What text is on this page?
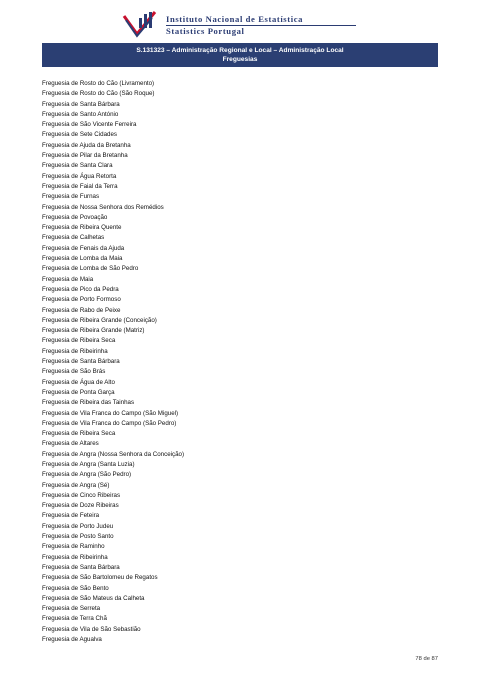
Instituto Nacional de Estatística
Statistics Portugal
S.131323 – Administração Regional e Local – Administração Local
Freguesias
Freguesia de Rosto do Cão (Livramento)
Freguesia de Rosto do Cão (São Roque)
Freguesia de Santa Bárbara
Freguesia de Santo António
Freguesia de São Vicente Ferreira
Freguesia de Sete Cidades
Freguesia de Ajuda da Bretanha
Freguesia de Pilar da Bretanha
Freguesia de Santa Clara
Freguesia de Água Retorta
Freguesia de Faial da Terra
Freguesia de Furnas
Freguesia de Nossa Senhora dos Remédios
Freguesia de Povoação
Freguesia de Ribeira Quente
Freguesia de Calhetas
Freguesia de Fenais da Ajuda
Freguesia de Lomba da Maia
Freguesia de Lomba de São Pedro
Freguesia de Maia
Freguesia de Pico da Pedra
Freguesia de Porto Formoso
Freguesia de Rabo de Peixe
Freguesia de Ribeira Grande (Conceição)
Freguesia de Ribeira Grande (Matriz)
Freguesia de Ribeira Seca
Freguesia de Ribeirinha
Freguesia de Santa Bárbara
Freguesia de São Brás
Freguesia de Água de Alto
Freguesia de Ponta Garça
Freguesia de Ribeira das Tainhas
Freguesia de Vila Franca do Campo (São Miguel)
Freguesia de Vila Franca do Campo (São Pedro)
Freguesia de Ribeira Seca
Freguesia de Altares
Freguesia de Angra (Nossa Senhora da Conceição)
Freguesia de Angra (Santa Luzia)
Freguesia de Angra (São Pedro)
Freguesia de Angra (Sé)
Freguesia de Cinco Ribeiras
Freguesia de Doze Ribeiras
Freguesia de Feteira
Freguesia de Porto Judeu
Freguesia de Posto Santo
Freguesia de Raminho
Freguesia de Ribeirinha
Freguesia de Santa Bárbara
Freguesia de São Bartolomeu de Regatos
Freguesia de São Bento
Freguesia de São Mateus da Calheta
Freguesia de Serreta
Freguesia de Terra Chã
Freguesia de Vila de São Sebastião
Freguesia de Agualva
78 de 87
